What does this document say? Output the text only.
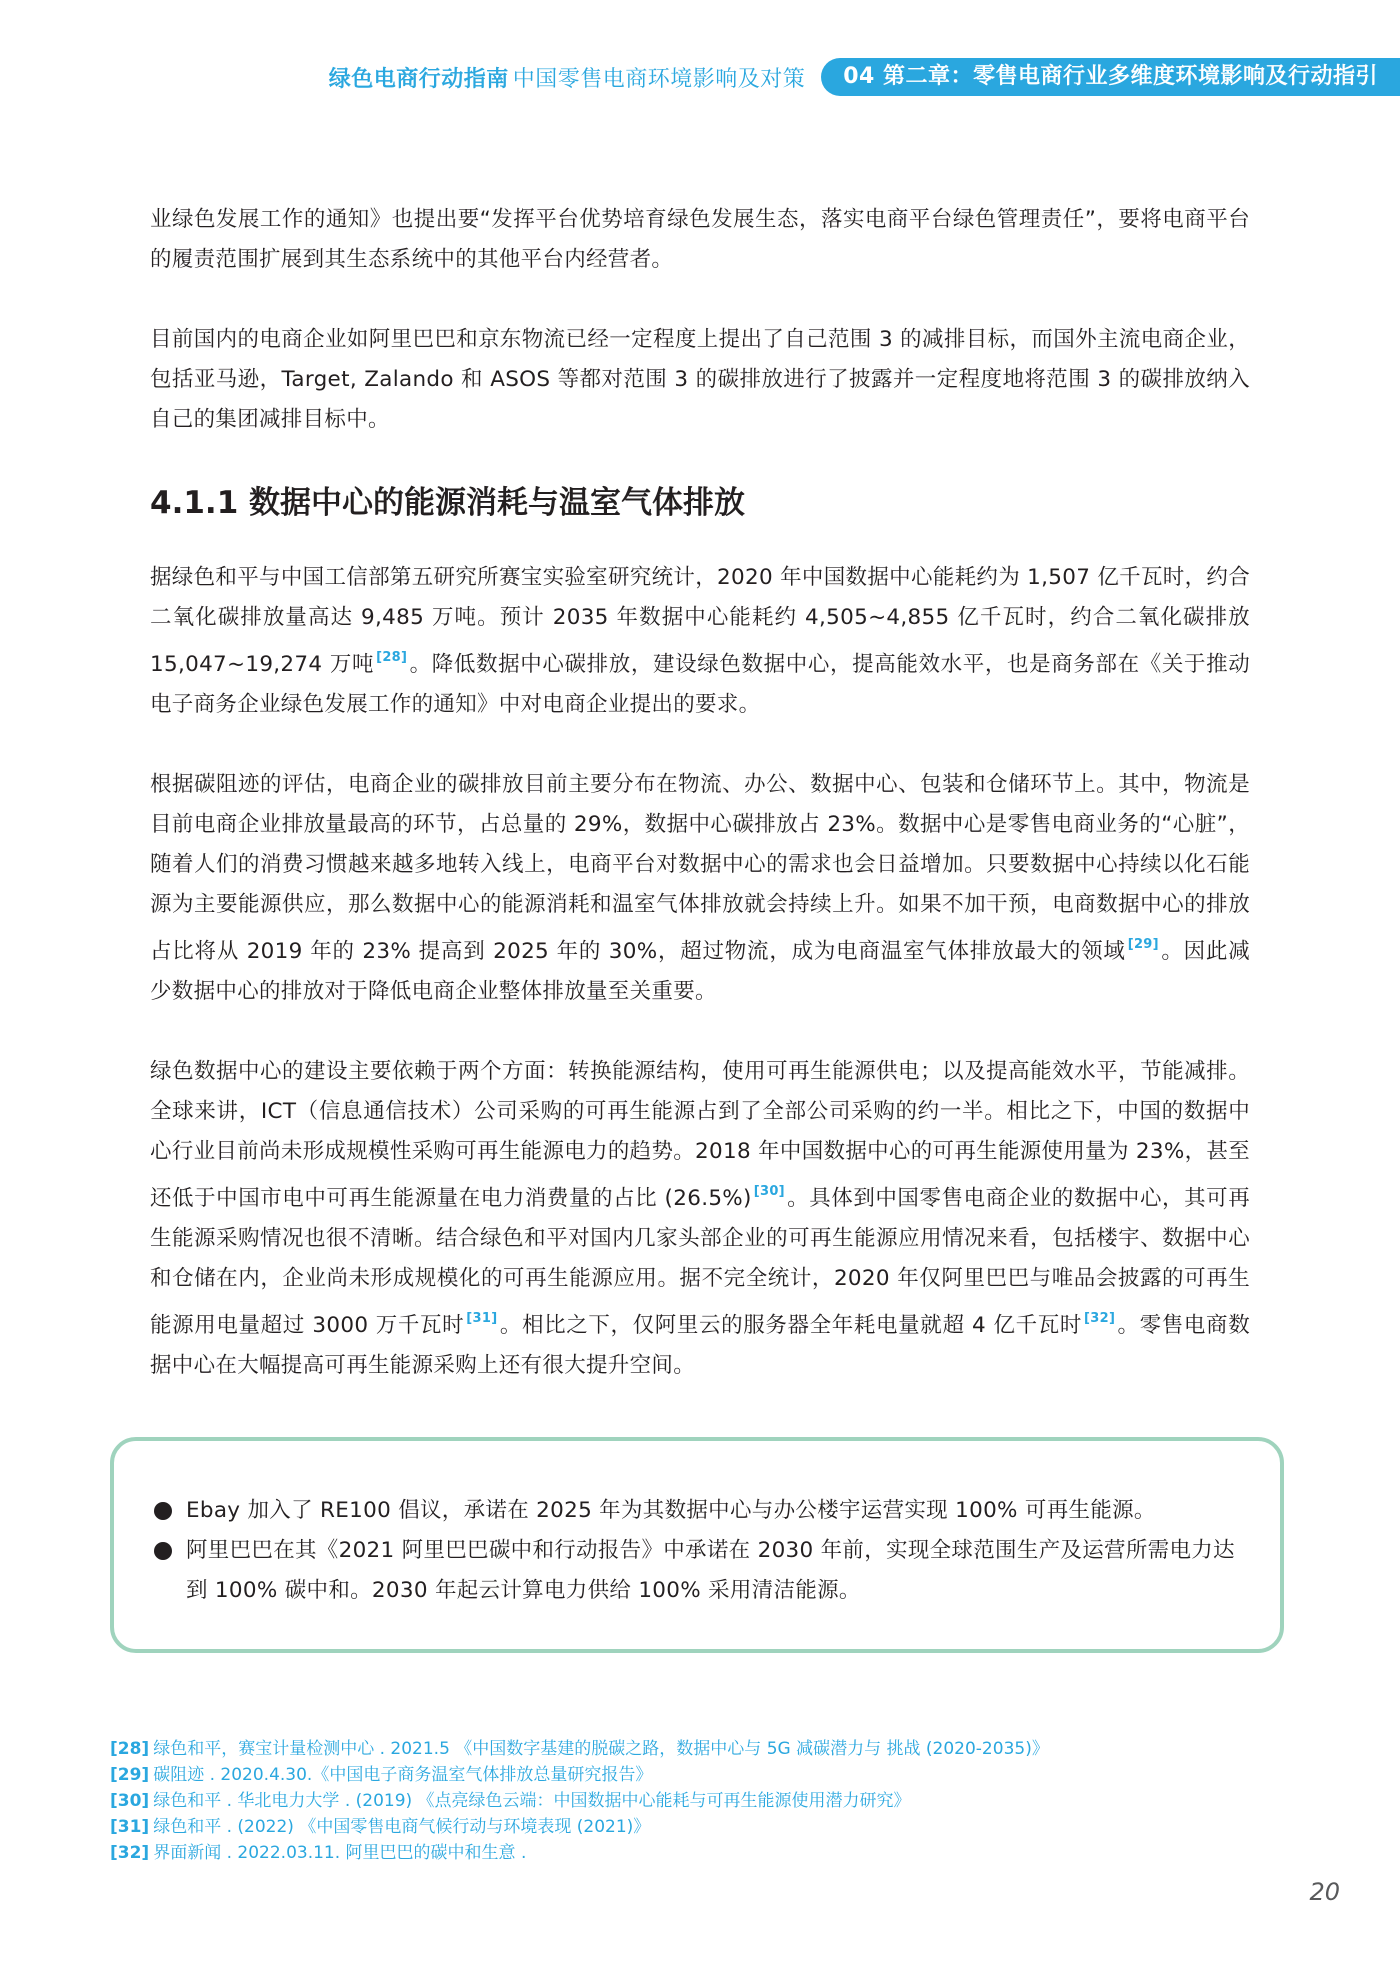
绿色电商行动指南 中国零售电商环境影响及对策	04 第二章：零售电商行业多维度环境影响及行动指引

业绿色发展工作的通知》也提出要“发挥平台优势培育绿色发展生态，落实电商平台绿色管理责任”，要将电商平台的履责范围扩展到其生态系统中的其他平台内经营者。

目前国内的电商企业如阿里巴巴和京东物流已经一定程度上提出了自己范围 3 的减排目标，而国外主流电商企业，包括亚马逊，Target, Zalando 和 ASOS 等都对范围 3 的碳排放进行了披露并一定程度地将范围 3 的碳排放纳入自己的集团减排目标中。

4.1.1 数据中心的能源消耗与温室气体排放

据绿色和平与中国工信部第五研究所赛宝实验室研究统计，2020 年中国数据中心能耗约为 1,507 亿千瓦时，约合二氧化碳排放量高达 9,485 万吨。预计 2035 年数据中心能耗约 4,505~4,855 亿千瓦时，约合二氧化碳排放 15,047~19,274 万吨 [28]。降低数据中心碳排放，建设绿色数据中心，提高能效水平，也是商务部在《关于推动电子商务企业绿色发展工作的通知》中对电商企业提出的要求。

根据碳阻迹的评估，电商企业的碳排放目前主要分布在物流、办公、数据中心、包装和仓储环节上。其中，物流是目前电商企业排放量最高的环节，占总量的 29%，数据中心碳排放占 23%。数据中心是零售电商业务的“心脏”，随着人们的消费习惯越来越多地转入线上，电商平台对数据中心的需求也会日益增加。只要数据中心持续以化石能源为主要能源供应，那么数据中心的能源消耗和温室气体排放就会持续上升。如果不加干预，电商数据中心的排放占比将从 2019 年的 23% 提高到 2025 年的 30%，超过物流，成为电商温室气体排放最大的领域 [29]。因此减少数据中心的排放对于降低电商企业整体排放量至关重要。

绿色数据中心的建设主要依赖于两个方面：转换能源结构，使用可再生能源供电；以及提高能效水平，节能减排。全球来讲，ICT（信息通信技术）公司采购的可再生能源占到了全部公司采购的约一半。相比之下，中国的数据中心行业目前尚未形成规模性采购可再生能源电力的趋势。2018 年中国数据中心的可再生能源使用量为 23%，甚至还低于中国市电中可再生能源量在电力消费量的占比 (26.5%) [30]。具体到中国零售电商企业的数据中心，其可再生能源采购情况也很不清晰。结合绿色和平对国内几家头部企业的可再生能源应用情况来看，包括楼宇、数据中心和仓储在内，企业尚未形成规模化的可再生能源应用。据不完全统计，2020 年仅阿里巴巴与唯品会披露的可再生能源用电量超过 3000 万千瓦时 [31]。相比之下，仅阿里云的服务器全年耗电量就超 4 亿千瓦时 [32]。零售电商数据中心在大幅提高可再生能源采购上还有很大提升空间。

Ebay 加入了 RE100 倡议，承诺在 2025 年为其数据中心与办公楼宇运营实现 100% 可再生能源。
阿里巴巴在其《2021 阿里巴巴碳中和行动报告》中承诺在 2030 年前，实现全球范围生产及运营所需电力达到 100% 碳中和。2030 年起云计算电力供给 100% 采用清洁能源。
[28] 绿色和平，赛宝计量检测中心 . 2021.5 《中国数字基建的脱碳之路，数据中心与 5G 减碳潜力与 挑战 (2020-2035)》
[29] 碳阻迹 . 2020.4.30.《中国电子商务温室气体排放总量研究报告》
[30] 绿色和平 . 华北电力大学 . (2019) 《点亮绿色云端：中国数据中心能耗与可再生能源使用潜力研究》
[31] 绿色和平 . (2022) 《中国零售电商气候行动与环境表现 (2021)》
[32] 界面新闻 . 2022.03.11. 阿里巴巴的碳中和生意 .
20
